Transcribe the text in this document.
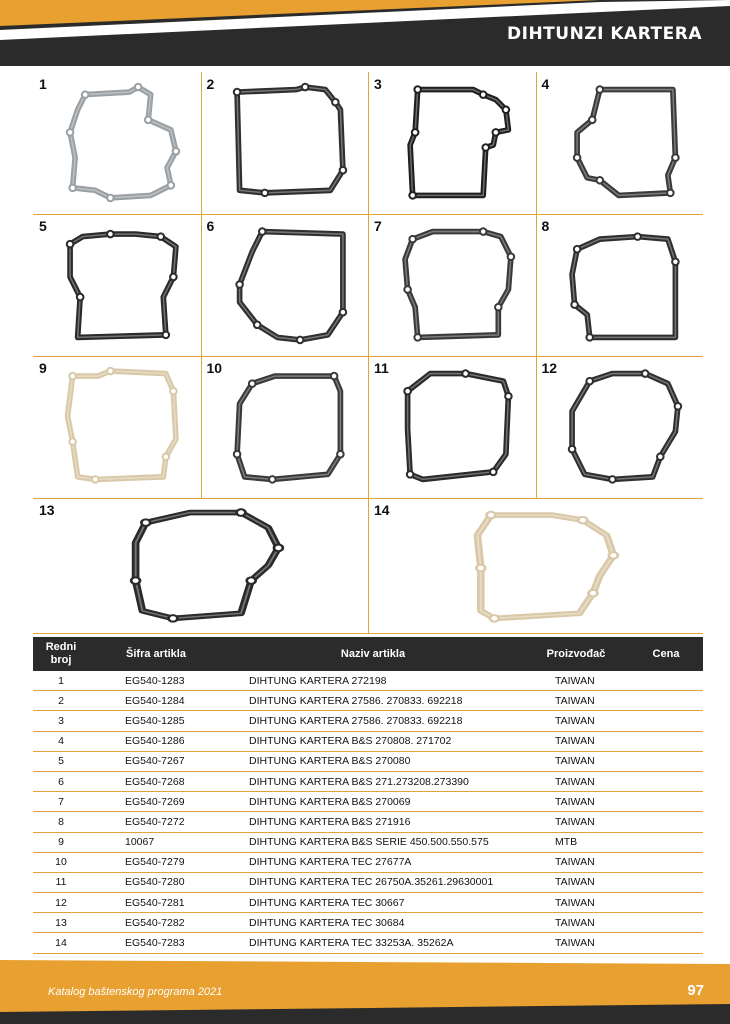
DIHTUNZI KARTERA
1	2	3	4
5	6	7	8
9	10	11	12
13	14
Redni broj	Šifra artikla	Naziv artikla	Proizvođač	Cena
1	EG540-1283	DIHTUNG KARTERA 272198	TAIWAN	
2	EG540-1284	DIHTUNG KARTERA 27586. 270833. 692218	TAIWAN	
3	EG540-1285	DIHTUNG KARTERA 27586. 270833. 692218	TAIWAN	
4	EG540-1286	DIHTUNG KARTERA B&S 270808. 271702	TAIWAN	
5	EG540-7267	DIHTUNG KARTERA B&S 270080	TAIWAN	
6	EG540-7268	DIHTUNG KARTERA B&S 271.273208.273390	TAIWAN	
7	EG540-7269	DIHTUNG KARTERA B&S 270069	TAIWAN	
8	EG540-7272	DIHTUNG KARTERA B&S 271916	TAIWAN	
9	10067	DIHTUNG KARTERA B&S SERIE 450.500.550.575	MTB	
10	EG540-7279	DIHTUNG KARTERA TEC 27677A	TAIWAN	
11	EG540-7280	DIHTUNG KARTERA TEC 26750A.35261.29630001	TAIWAN	
12	EG540-7281	DIHTUNG KARTERA TEC 30667	TAIWAN	
13	EG540-7282	DIHTUNG KARTERA TEC 30684	TAIWAN	
14	EG540-7283	DIHTUNG KARTERA TEC 33253A. 35262A	TAIWAN	
Katalog baštenskog programa 2021	97
